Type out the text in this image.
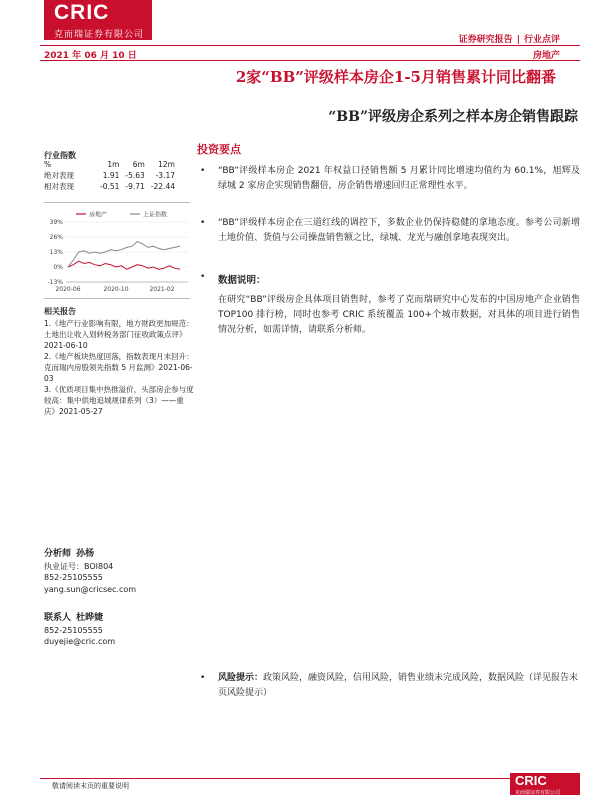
CRIC
克而瑞证券有限公司	证券研究报告 | 行业点评
2021 年 06 月 10 日	房地产
2家“BB”评级样本房企1-5月销售累计同比翻番
“BB”评级房企系列之样本房企销售跟踪
行业指数
%	1m	6m	12m
绝对表现	1.91	-5.63	-3.17
相对表现	-0.51	-9.71	-22.44
房地产	上证指数
39%
26%
13%
0%
-13%
2020-06	2020-10	2021-02
相关报告

1.《地产行业影响有限，地方财政更加规范：土地出让收入划转税务部门征收政策点评》2021-06-10

2.《地产板块热度回落，指数表现月末回升：克而瑞内房股领先指数 5 月监测》2021-06-03

3.《优质项目集中热推溢价，头部房企参与度较高：集中供地追城规律系列（3）——重庆》2021-05-27

分析师 孙杨
执业证号：BOI804
852-25105555
yang.sun@cricsec.com
联系人 杜晔婕
852-25105555
duyejie@cric.com
投资要点
• “BB”评级样本房企 2021 年权益口径销售额 5 月累计同比增速均值约为 60.1%，旭辉及绿城 2 家房企实现销售翻倍，房企销售增速回归正常理性水平。

• “BB”评级样本房企在三道红线的调控下，多数企业仍保持稳健的拿地态度。参考公司新增土地价值、货值与公司操盘销售额之比，绿城、龙光与融创拿地表现突出。

• 数据说明：

在研究“BB”评级房企具体项目销售时，参考了克而瑞研究中心发布的中国房地产企业销售 TOP100 排行榜，同时也参考 CRIC 系统覆盖 100+个城市数据，对具体的项目进行销售情况分析，如需详情，请联系分析师。

• 风险提示：政策风险，融资风险，信用风险，销售业绩未完成风险，数据风险（详见报告末页风险提示）
敬请阅读末页的重要说明	CRIC
克而瑞证券有限公司
